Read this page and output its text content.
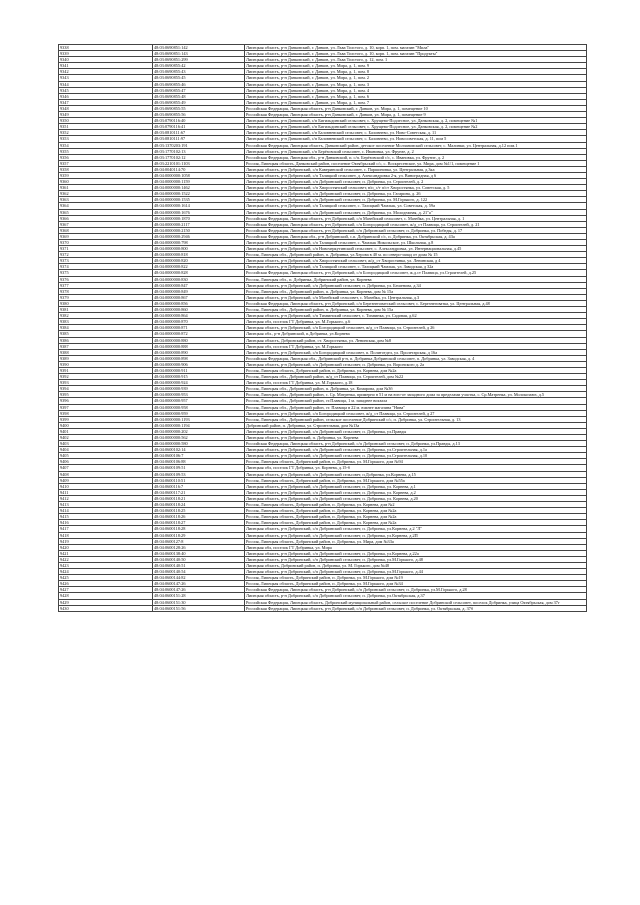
9338	48:03:0690851:142	Липецкая область, р-н Данковский, г. Данков, ул. Льва Толстого, д. 10, корп. 1, пом. магазин "Мила"
9339	48:03:0690851:143	Липецкая область, р-н Данковский, г. Данков, ул. Льва Толстого, д. 10, корп. 1, пом. магазин "Продукты"
9340	48:03:0690851:299	Липецкая область, р-н Данковский, г. Данков, ул. Льва Толстого, д. 12, пом. 1
9341	48:03:0690855:42	Липецкая область, р-н Данковский, г. Данков, ул. Мира, д. 1, пом. 9
9342	48:03:0690855:43	Липецкая область, р-н Данковский, г. Данков, ул. Мира, д. 1, пом. 8
9343	48:03:0690855:45	Липецкая область, р-н Данковский, г. Данков, ул. Мира, д. 1, пом. 2
9344	48:03:0690855:46	Липецкая область, р-н Данковский, г. Данков, ул. Мира, д. 1, пом. 3
9345	48:03:0690855:47	Липецкая область, р-н Данковский, г. Данков, ул. Мира, д. 1, пом. 4
9346	48:03:0690855:48	Липецкая область, р-н Данковский, г. Данков, ул. Мира, д. 1, пом. 6
9347	48:03:0690855:49	Липецкая область, р-н Данковский, г. Данков, ул. Мира, д. 1, пом. 7
9348	48:03:0690855:55	Российская Федерация, Липецкая область, р-н Данковский, г. Данков, ул. Мира, д. 1, помещение 10
9349	48:03:0690855:56	Российская Федерация, Липецкая область, р-н Данковский, г. Данков, ул. Мира, д. 1, помещение 9
9350	48:03:0790116:40	Липецкая область, р-н Данковский, с/п Бигильдинский сельсовет, с. Хрущево-Подлесное, ул. Данковская, д. 2, помещение №1
9351	48:03:0790116:41	Липецкая область, р-н Данковский, с/п Бигильдинский сельсовет, с. Хрущево-Подлесное, ул. Данковская, д. 2, помещение №2
9352	48:03:0810111:67	Липецкая область, р-н Данковский, с/п Баловневский сельсовет, с. Баловнево, ул. Ново-Советская, д. 11
9353	48:03:0810111:97	Липецкая область, р-н Данковский, с/п Баловневский сельсовет, с. Баловнево, ул. Новосоветская, д. 11, пом 5
9354	48:03:1370203:191	Российская Федерация, Липецкая область, Данковский район, детское поселение Молчановский сельсовет, с. Малинки, ул. Центральная, д.12 пом.1
9355	48:03:1770102:13	Липецкая область, р-н Данковский, с/п Берёзовский сельсовет, с. Ивановка, ул. Фрунзе, д. 2
9356	48:03:1770102:12	Российская Федерация, Липецкая обл., р-н Данковский, п. с/п. Берёзовский с/с, с. Ивановка, ул. Фрунзе, д. 2
9357	48:03:2210101:1103	Россия, Липецкая область, Данковский район, поселение Октябрьский с/с, с. Воскресенское, ул. Мира, дом №1/1, помещение 1
9358	48:04:0040114:70	Липецкая область, р-н Добринский, с/п Каверинский сельсовет, с. Паршиновка, ул. Центральная, д.3ка
9359	48:04:0000000:1058	Липецкая область, р-н Добринский, с/п Талицкий сельсовет, д. Александровка 2-я, ул. Виноградная, д 6
9360	48:04:0000000:1159	Липецкая область, р-н Добринский, с/п Добринский сельсовет, п. Добринка, ул. Строителей, д. 2
9361	48:04:0000000:1462	Липецкая область, р-н Добринский, с/п Хворостянский сельсовет, в/п_с/т п/ст Хворостянка, ул. Советская, д. 5
9362	48:04:0000000:1522	Липецкая область, р-н Добринский, с/п Добринский сельсовет, п. Добринка, ул. Гагарина, д. 26
9363	48:04:0000000:1535	Липецкая область, р-н Добринский, с/п Добринский сельсовет, п. Добринка, ул. М.Горького, д. 122
9364	48:04:0000000:1614	Липецкая область, р-н Добринский, с/п Талицкий сельсовет, с. Талицкий Чамлык, ул. Советская, д. 59а
9365	48:04:0000000:1676	Липецкая область, р-н Добринский, с/п Добринский сельсовет, п. Добринка, ул. Молодежная, д. 21"а"
9366	48:04:0000000:1870	Российская Федерация, Липецкая область, р-н Добринский, с/п Мазейский сельсовет, с. Мазейка, ул. Центральная, д. 1
9367	48:04:0000000:2117	Российская Федерация, Липецкая область, р-н Добринский, с/п Богородицкий сельсовет, ж/д_ст Плавица, ул. Строителей, д. 21
9368	48:04:0000000:2150	Российская Федерация, Липецкая область, р-н Добринский, с/п Добринский сельсовет, п. Добринка, ул. Победы, д. 17
9369	48:04:0000000:2946	Российская Федерация, Липецкая обл., р-н Добринский, с.п. Добринский с/с, п. Добринка, ул. Октябрьская, д. 43а
9370	48:04:0000000:798	Липецкая область, р-н Добринский, с/п Талицкий сельсовет, с. Чамлык Никольское, ул. Школьная, д.8
9371	48:04:0000000:800	Липецкая область, р-н Добринский, с/п Новочеркутинский сельсовет, с. Александровка, ул. Интернациональная, д.45
9372	48:04:0000000:818	Россия, Липецкая обл., Добринский район, п. Добринка, ул.Херова в 40 м. по северо-запад от дома № 15
9373	48:04:0000000:820	Липецкая область, р-н Добринский, с/п Хворостянский сельсовет, ж/д_ст Хворостянка, ул. Ленинская, д 4
9374	48:04:0000000:822	Липецкая область, р-н Добринский, с/п Талицкий сельсовет, с. Талицкий Чамлык, ул. Заводская, д 32а
9375	48:04:0000000:828	Российская Федерация, Липецкая область, р-н Добринский, с/п Богородицкий сельсовет, ж.д.ст Плавица, ул.Строителей, д.25
9376	48:04:0000000:830	Россия, Липецкая обл., п. Добринка, Добринский район, ул. Корнева
9377	48:04:0000000:847	Липецкая область, р-н Добринский, с/п Добринский сельсовет, п. Добринка, ул. Бешенова, д.34
9378	48:04:0000000:849	Россия, Липецкая обл., Добринский район, п. Добринка, ул. Корнева, дом № 15а
9379	48:04:0000000:867	Липецкая область, р-н Добринский, с/п Мазейский сельсовет, с. Мазейка, ул. Центральная, д.3
9380	48:04:0000000:856	Российская Федерация, Липецкая область, р-н Добринский, с/п Березнеговатский сельсовет, с. Березнеговатка, ул. Центральная, д.48
9381	48:04:0000000:860	Россия, Липецкая обл., Добринский район, п. Добринка, ул. Корнева, дом № 15а
9382	48:04:0000000:864	Липецкая область, р-н Добринский, с/п Тихвинский сельсовет, с. Тихвинка, ул. Садовая, д.62
9383	48:04:0000000:870	Липецкая обл, поселок ГТ Добринка, ул. М.Горького, д.6
9384	48:04:0000000:871	Липецкая область, р-н Добринский, с/п Богородицкий сельсовет, ж/д_ст Плавица, ул. Строителей, д 26
9385	48:04:0000000:872	Липецкая обл., р-н Добринский, п.Добринка, ул.Корнева
9386	48:04:0000000:880	Липецкая область, Добринский район, ст. Хворостянка, ул. Ленинская, дом №8
9387	48:04:0000000:888	Липецкая обл, поселок ГТ Добринка, ул. М.Горького
9388	48:04:0000000:890	Липецкая область, р-н Добринский, с/п Богородицкий сельсовет, п. Политотдел, ул. Пролетарская, д 16а
9389	48:04:0000000:898	Российская Федерация, Липецкая обл., Добринский р-н, п. Добринка Добринский сельсовет, п. Добринка, ул. Заводская, д. 4
9390	48:04:0000000:906	Липецкая область, р-н Добринский, с/п Добринский сельсовет, п. Добринка, ул. Воронского д. 2а
9391	48:04:0000000:911	Россия, Липецкая область, Добринский район, п. Добринка, ул. Корнева, дом №2а
9392	48:04:0000000:915	Россия, Липецкая обл., Добринский район, ж/д_ст Плавица, ул. Строителей, дом №22
9393	48:04:0000000:924	Липецкая обл, поселок ГТ Добринка, ул. М.Горького, д.18
9394	48:04:0000000:939	Россия, Липецкая обл., Добринский район, п. Добринка, ул. Комарова, дом №3б
9395	48:04:0000000:953	Россия, Липецкая обл., Добринский район, с. Ср. Матренка, примерно в 51 м на юго-от западного дома за пределами участка, с. Ср.Матренка, ул. Молокозаюз, д.5
9396	48:04:0000000:957	Россия, Липецкая обл., Добринский район, ст.Плавица, 1 м. западнее вокзала
9397	48:04:0000000:958	Россия, Липецкая обл., Добринский район, ст. Плавица в 22 м. южнее магазина "Нива"
9398	48:04:0000000:959	Липецкая область, р-н Добринский, с/п Богородицкий сельсовет, ж/д_ст Плавица, ул. Строителей, д 27
9399	48:04:0000000:1193	Россия, Липецкая обл., Добринский район, сельское поселение Добринский с/с, п. Добринка, ул. Строительная, д. 13
9400	48:04:0000000:1194	Добринский район, п. Добринка, ул. Строительная, дом №13а
9401	48:04:0000000:202	Липецкая область, р-н Добринский, с/п Добринский сельсовет, п. Добринка, ул.Правды
9402	48:04:0000000:562	Липецкая область, р-н Добринский, п. Добринка, ул. Корнева
9403	48:04:0000000:580	Российская Федерация, Липецкая область, р-н Добринский, с/п Добринский сельсовет, п. Добринка, ул.Правды, д.13
9404	48:04:0600102:14	Липецкая область, р-н Добринский, с/п Добринский сельсовет, п. Добринка, ул.Строительная, д.1а
9405	48:04:0600106:7	Липецкая область, р-н Добринский, с/п Добринский сельсовет, п. Добринка, ул.Строительная, д.10
9406	48:04:0600106:88	Россия, Липецкая область, Добринский район, п. Добринка, ул. М.Горького, дом №94
9407	48:04:0600109:51	Липецкая обл, поселок ГТ Добринка, ул. Корнева, д.15-б
9408	48:04:0600109:53	Липецкая область, р-н Добринский, с/п Добринский сельсовет, п.Добринка, ул.Корнева, д.15
9409	48:04:0600110:51	Россия, Липецкая область, Добринский район, п. Добринка, ул. М.Горького, дом №55а
9410	48:04:0600116:7	Липецкая область, р-н Добринский, с/п Добринский сельсовет, п. Добринка, ул. Корнева, д.1
9411	48:04:0600117:21	Липецкая область, р-н Добринский, с/п Добринский сельсовет, п. Добринка, ул. Корнева, д.2
9412	48:04:0600118:21	Липецкая область, р-н Добринский, с/п Добринский сельсовет, п. Добринка, ул. Корнева, д.20
9413	48:04:0600118:24	Россия, Липецкая область, Добринский район, п. Добринка, ул. Корнева, дом №2
9414	48:04:0600118:25	Россия, Липецкая область, Добринский район, п. Добринка, ул. Корнева, дом №2а
9415	48:04:0600118:26	Россия, Липецкая область, Добринский район, п. Добринка, ул. Корнева, дом №2а
9416	48:04:0600118:27	Россия, Липецкая область, Добринский район, п. Добринка, ул. Корнева, дом №2а
9417	48:04:0600118:28	Липецкая область, р-н Добринский, с/п Добринский сельсовет, п. Добринка, ул.Корнева, д.2 "Л"
9418	48:04:0600118:29	Липецкая область, р-н Добринский, с/п Добринский сельсовет, п. Добринка, ул.Корнева, д.2П
9419	48:04:0600127:8	Россия, Липецкая область, Добринский район, п. Добринка, ул. Мира, дом №33а
9420	48:04:0600128:26	Липецкая обл, поселок ГТ Добринка, ул. Мира
9421	48:04:0600138:40	Липецкая область, р-н Добринский, с/п Добринский сельсовет, п. Добринка, ул.Корнева, д.22а
9422	48:04:0600140:50	Липецкая область, р-н Добринский, с/п Добринский сельсовет, п. Добринка, ул.М.Горького, д.48
9423	48:04:0600140:51	Липецкая область, Добринский район, п. Добринка, ул. М. Горького, дом №48
9424	48:04:0600140:54	Липецкая область, р-н Добринский, с/п Добринский сельсовет, п. Добринка, ул.М.Горького, д.44
9425	48:04:0600144:82	Россия, Липецкая область, Добринский район, п. Добринка, ул. М.Горького, дом №19
9426	48:04:0600147:26	Россия, Липецкая область, Добринский район, п. Добринка, ул. М.Горького, дом №34
9427	48:04:0600147:26	Российская Федерация, Липецкая область, р-н Добринский, с/п Добринский сельсовет, п. Добринка, ул.М.Горького, д.28
9428	48:04:0600151:28	Липецкая область, р-н Добринский, с/п Добринский сельсовет, п. Добринка, ул.Октябрьская, д.37
9429	48:04:0600151:30	Российская Федерация, Липецкая область, Добринский муниципальный район, сельское поселение Добринский сельсовет, поселок Добринка, улица Октябрьская, дом 37г
9430	48:04:0600151:56	Российская Федерация, Липецкая область, р-н Добринский, с/п Добринский сельсовет, п. Добринка, ул. Октябрьская, д. 37б
